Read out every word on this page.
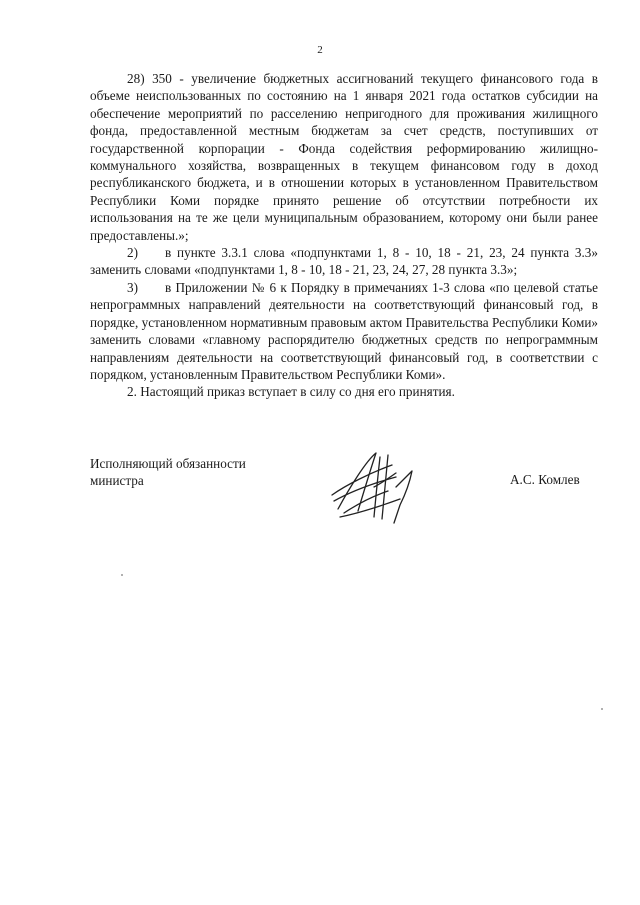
2

28) 350 - увеличение бюджетных ассигнований текущего финансового года в объеме неиспользованных по состоянию на 1 января 2021 года остатков субсидии на обеспечение мероприятий по расселению непригодного для проживания жилищного фонда, предоставленной местным бюджетам за счет средств, поступивших от государственной корпорации - Фонда содействия реформированию жилищно-коммунального хозяйства, возвращенных в текущем финансовом году в доход республиканского бюджета, и в отношении которых в установленном Правительством Республики Коми порядке принято решение об отсутствии потребности их использования на те же цели муниципальным образованием, которому они были ранее предоставлены.»;

2) в пункте 3.3.1 слова «подпунктами 1, 8 - 10, 18 - 21, 23, 24 пункта 3.3» заменить словами «подпунктами 1, 8 - 10, 18 - 21, 23, 24, 27, 28 пункта 3.3»;

3) в Приложении № 6 к Порядку в примечаниях 1-3 слова «по целевой статье непрограммных направлений деятельности на соответствующий финансовый год, в порядке, установленном нормативным правовым актом Правительства Республики Коми» заменить словами «главному распорядителю бюджетных средств по непрограммным направлениям деятельности на соответствующий финансовый год, в соответствии с порядком, установленным Правительством Республики Коми».

2. Настоящий приказ вступает в силу со дня его принятия.

Исполняющий обязанности
министра	А.С. Комлев
